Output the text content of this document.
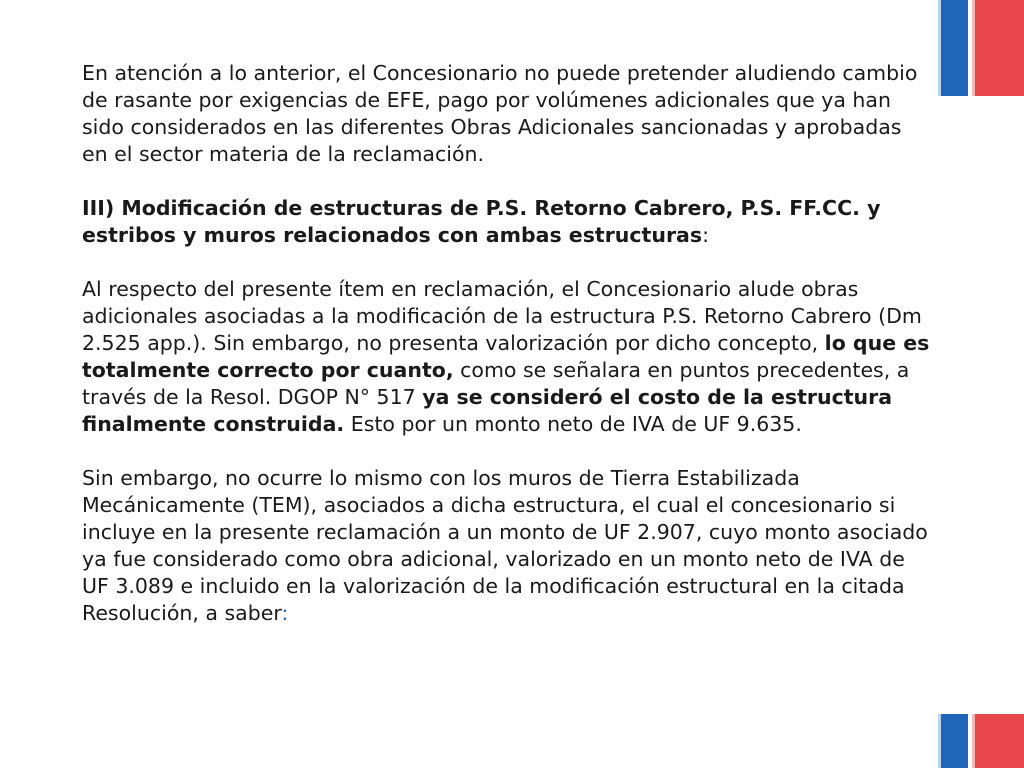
En atención a lo anterior, el Concesionario no puede pretender aludiendo cambio de rasante por exigencias de EFE, pago por volúmenes adicionales que ya han sido considerados en las diferentes Obras Adicionales sancionadas y aprobadas en el sector materia de la reclamación.

III) Modificación de estructuras de P.S. Retorno Cabrero, P.S. FF.CC. y estribos y muros relacionados con ambas estructuras:

Al respecto del presente ítem en reclamación, el Concesionario alude obras adicionales asociadas a la modificación de la estructura P.S. Retorno Cabrero (Dm 2.525 app.). Sin embargo, no presenta valorización por dicho concepto, lo que es totalmente correcto por cuanto, como se señalara en puntos precedentes, a través de la Resol. DGOP N° 517 ya se consideró el costo de la estructura finalmente construida. Esto por un monto neto de IVA de UF 9.635.

Sin embargo, no ocurre lo mismo con los muros de Tierra Estabilizada Mecánicamente (TEM), asociados a dicha estructura, el cual el concesionario si incluye en la presente reclamación a un monto de UF 2.907, cuyo monto asociado ya fue considerado como obra adicional, valorizado en un monto neto de IVA de UF 3.089 e incluido en la valorización de la modificación estructural en la citada Resolución, a saber:
